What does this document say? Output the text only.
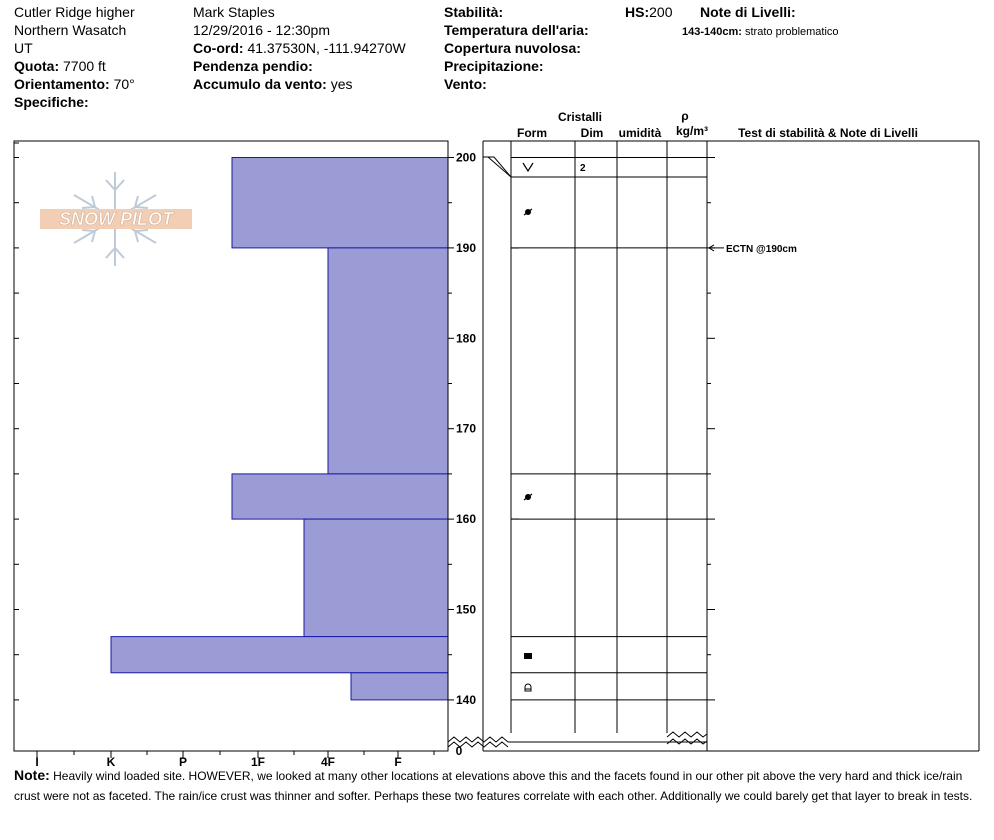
Cutler Ridge higher
Northern Wasatch
UT
Quota: 7700 ft
Orientamento: 70°
Specifiche:
Mark Staples
12/29/2016 - 12:30pm
Co-ord: 41.37530N, -111.94270W
Pendenza pendio:
Accumulo da vento: yes
Stabilità:
Temperatura dell'aria:
Copertura nuvolosa:
Precipitazione:
Vento:
HS:200 Note di Livelli:
143-140cm: strato problematico
I	K	P	1F	4F	F
SNOW PILOT
200
190
180
170
160
150
140
0
2
ECTN @190cm
Cristalli
Form	Dim umidità
ρ
kg/m³	Test di stabilità & Note di Livelli
Note: Heavily wind loaded site. HOWEVER, we looked at many other locations at elevations above this and the facets found in our other pit above the very hard and thick ice/rain crust were not as faceted. The rain/ice crust was thinner and softer. Perhaps these two features correlate with each other. Additionally we could barely get that layer to break in tests.
